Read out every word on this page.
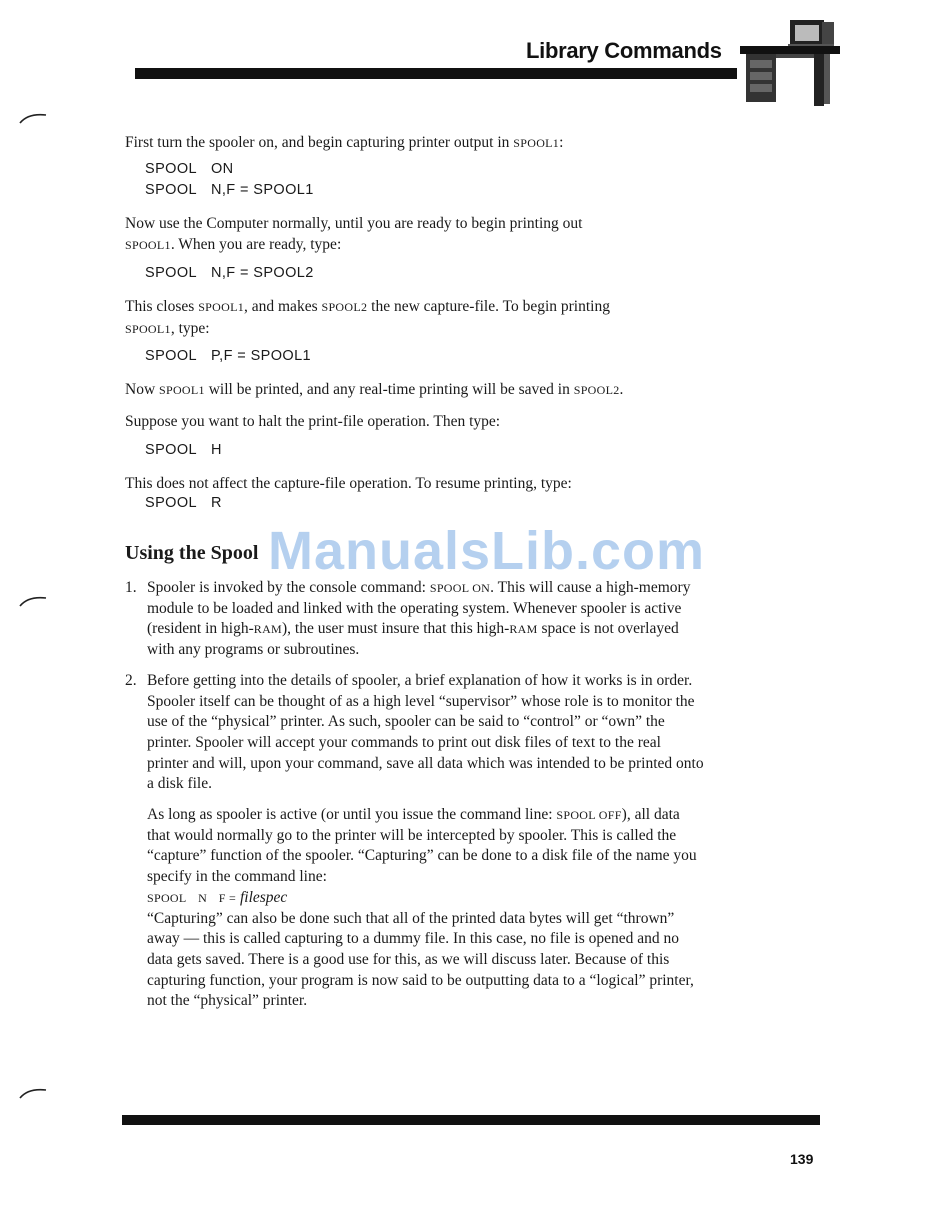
Library Commands

First turn the spooler on, and begin capturing printer output in SPOOL1:

SPOOL ON
SPOOL N,F = SPOOL1

Now use the Computer normally, until you are ready to begin printing out
SPOOL1. When you are ready, type:

SPOOL N,F = SPOOL2

This closes SPOOL1, and makes SPOOL2 the new capture-file. To begin printing
SPOOL1, type:

SPOOL P,F = SPOOL1

Now SPOOL1 will be printed, and any real-time printing will be saved in SPOOL2.

Suppose you want to halt the print-file operation. Then type:

SPOOL H

This does not affect the capture-file operation. To resume printing, type:

SPOOL R
Using the Spool ManualsLib.com
1. Spooler is invoked by the console command: SPOOL ON. This will cause a high-memory module to be loaded and linked with the operating system. Whenever spooler is active (resident in high-RAM), the user must insure that this high-RAM space is not overlayed with any programs or subroutines.
2. Before getting into the details of spooler, a brief explanation of how it works is in order. Spooler itself can be thought of as a high level “supervisor” whose role is to monitor the use of the “physical” printer. As such, spooler can be said to “control” or “own” the printer. Spooler will accept your commands to print out disk files of text to the real printer and will, upon your command, save all data which was intended to be printed onto a disk file.
As long as spooler is active (or until you issue the command line: SPOOL OFF), all data that would normally go to the printer will be intercepted by spooler. This is called the “capture” function of the spooler. “Capturing” can be done to a disk file of the name you specify in the command line:
SPOOL N F = filespec
“Capturing” can also be done such that all of the printed data bytes will get “thrown” away — this is called capturing to a dummy file. In this case, no file is opened and no data gets saved. There is a good use for this, as we will discuss later. Because of this capturing function, your program is now said to be outputting data to a “logical” printer, not the “physical” printer.
139
